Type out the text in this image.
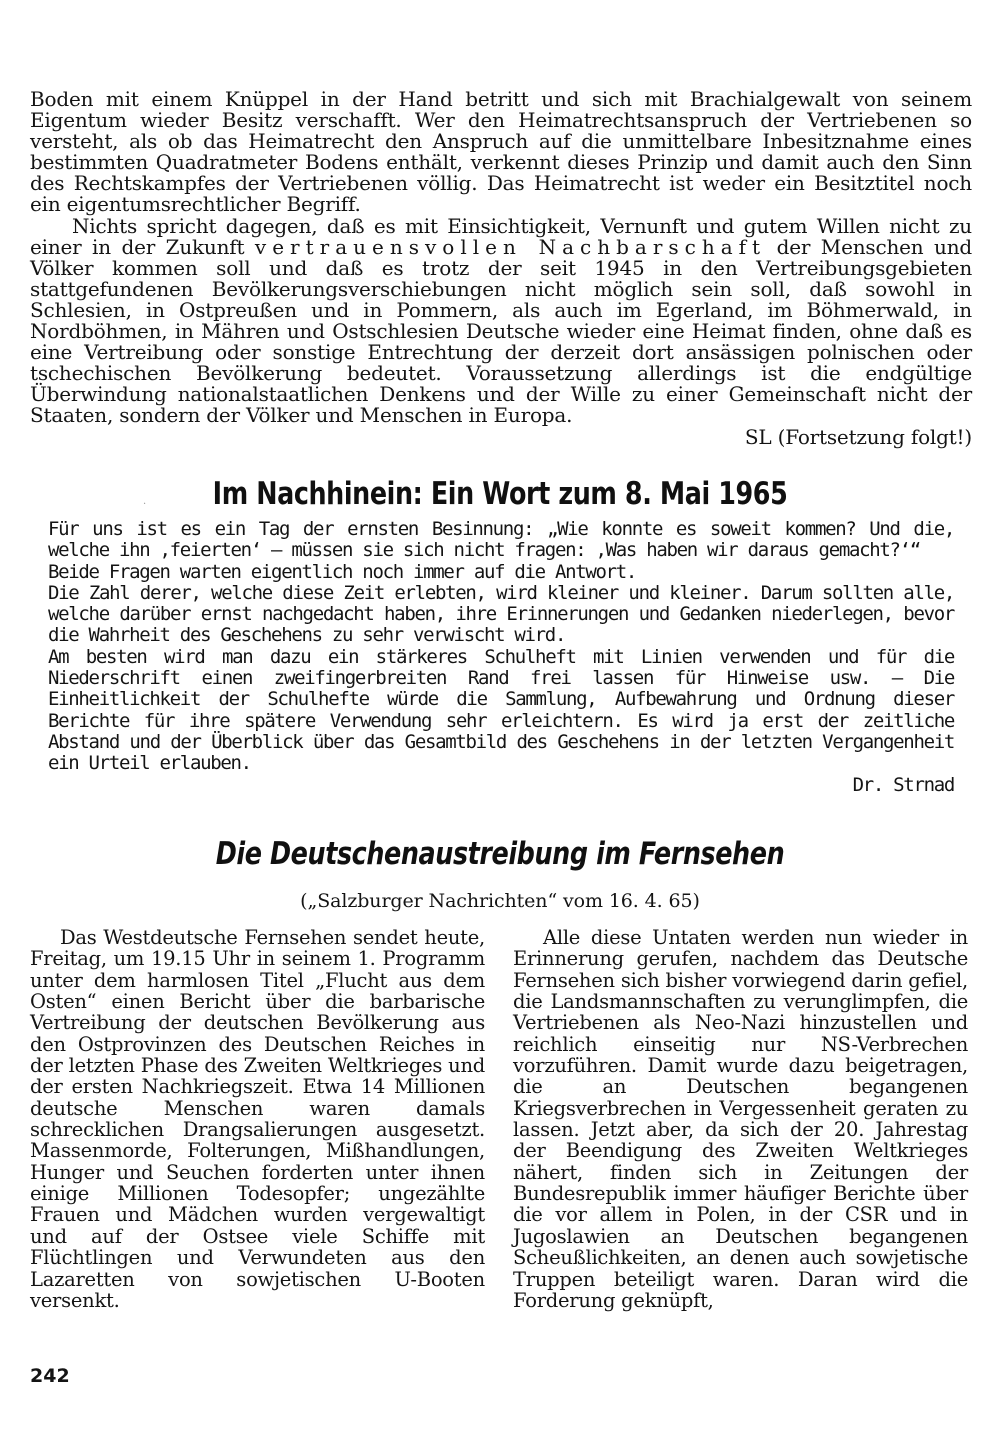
Boden mit einem Knüppel in der Hand betritt und sich mit Brachialgewalt von seinem Eigentum wieder Besitz verschafft. Wer den Heimatrechtsanspruch der Vertriebenen so versteht, als ob das Heimatrecht den Anspruch auf die unmittelbare Inbesitznahme eines bestimmten Quadratmeter Bodens enthält, verkennt dieses Prinzip und damit auch den Sinn des Rechtskampfes der Vertriebenen völlig. Das Heimatrecht ist weder ein Besitztitel noch ein eigentumsrechtlicher Begriff.

Nichts spricht dagegen, daß es mit Einsichtigkeit, Vernunft und gutem Willen nicht zu einer in der Zukunft vertrauensvollen Nachbarschaft der Menschen und Völker kommen soll und daß es trotz der seit 1945 in den Vertreibungsgebieten stattgefundenen Bevölkerungsverschiebungen nicht möglich sein soll, daß sowohl in Schlesien, in Ostpreußen und in Pommern, als auch im Egerland, im Böhmerwald, in Nordböhmen, in Mähren und Ostschlesien Deutsche wieder eine Heimat finden, ohne daß es eine Vertreibung oder sonstige Entrechtung der derzeit dort ansässigen polnischen oder tschechischen Bevölkerung bedeutet. Voraussetzung allerdings ist die endgültige Überwindung nationalstaatlichen Denkens und der Wille zu einer Gemeinschaft nicht der Staaten, sondern der Völker und Menschen in Europa.

SL (Fortsetzung folgt!)
Im Nachhinein: Ein Wort zum 8. Mai 1965

Für uns ist es ein Tag der ernsten Besinnung: „Wie konnte es soweit kommen? Und die, welche ihn ‚feierten‘ — müssen sie sich nicht fragen: ‚Was haben wir daraus gemacht?‘“

Beide Fragen warten eigentlich noch immer auf die Antwort.

Die Zahl derer, welche diese Zeit erlebten, wird kleiner und kleiner. Darum sollten alle, welche darüber ernst nachgedacht haben, ihre Erinnerungen und Gedanken niederlegen, bevor die Wahrheit des Geschehens zu sehr verwischt wird.

Am besten wird man dazu ein stärkeres Schulheft mit Linien verwenden und für die Niederschrift einen zweifingerbreiten Rand frei lassen für Hinweise usw. — Die Einheitlichkeit der Schulhefte würde die Sammlung, Aufbewahrung und Ordnung dieser Berichte für ihre spätere Verwendung sehr erleichtern. Es wird ja erst der zeitliche Abstand und der Überblick über das Gesamtbild des Geschehens in der letzten Vergangenheit ein Urteil erlauben.

Dr. Strnad
Die Deutschenaustreibung im Fernsehen
(„Salzburger Nachrichten“ vom 16. 4. 65)

Das Westdeutsche Fernsehen sendet heute, Freitag, um 19.15 Uhr in seinem 1. Programm unter dem harmlosen Titel „Flucht aus dem Osten“ einen Bericht über die barbarische Vertreibung der deutschen Bevölkerung aus den Ostprovinzen des Deutschen Reiches in der letzten Phase des Zweiten Weltkrieges und der ersten Nachkriegszeit. Etwa 14 Millionen deutsche Menschen waren damals schrecklichen Drangsalierungen ausgesetzt. Massenmorde, Folterungen, Mißhandlungen, Hunger und Seuchen forderten unter ihnen einige Millionen Todesopfer; ungezählte Frauen und Mädchen wurden vergewaltigt und auf der Ostsee viele Schiffe mit Flüchtlingen und Verwundeten aus den Lazaretten von sowjetischen U-Booten versenkt.

Alle diese Untaten werden nun wieder in Erinnerung gerufen, nachdem das Deutsche Fernsehen sich bisher vorwiegend darin gefiel, die Landsmannschaften zu verunglimpfen, die Vertriebenen als Neo-Nazi hinzustellen und reichlich einseitig nur NS-Verbrechen vorzuführen. Damit wurde dazu beigetragen, die an Deutschen begangenen Kriegsverbrechen in Vergessenheit geraten zu lassen. Jetzt aber, da sich der 20. Jahrestag der Beendigung des Zweiten Weltkrieges nähert, finden sich in Zeitungen der Bundesrepublik immer häufiger Berichte über die vor allem in Polen, in der CSR und in Jugoslawien an Deutschen begangenen Scheußlichkeiten, an denen auch sowjetische Truppen beteiligt waren. Daran wird die Forderung geknüpft,

242
.
